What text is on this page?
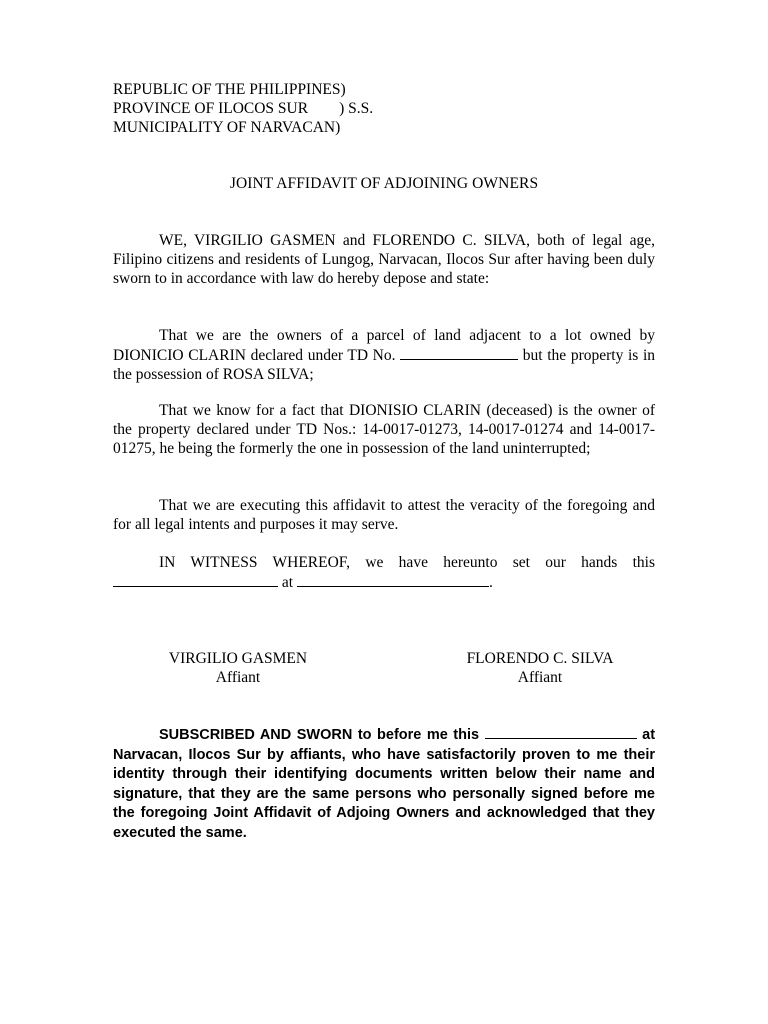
REPUBLIC OF THE PHILIPPINES)
PROVINCE OF ILOCOS SUR        ) S.S.
MUNICIPALITY OF NARVACAN)
JOINT AFFIDAVIT OF ADJOINING OWNERS
WE, VIRGILIO GASMEN and FLORENDO C. SILVA, both of legal age, Filipino citizens and residents of Lungog, Narvacan, Ilocos Sur after having been duly sworn to in accordance with law do hereby depose and state:
That we are the owners of a parcel of land adjacent to a lot owned by DIONICIO CLARIN declared under TD No.	but the property is in the possession of ROSA SILVA;
That we know for a fact that DIONISIO CLARIN (deceased) is the owner of the property declared under TD Nos.: 14-0017-01273, 14-0017-01274 and 14-0017-01275, he being the formerly the one in possession of the land uninterrupted;
That we are executing this affidavit to attest the veracity of the foregoing and for all legal intents and purposes it may serve.
IN WITNESS WHEREOF, we have hereunto set our hands this  at	.
VIRGILIO GASMEN
Affiant
FLORENDO C. SILVA
Affiant
SUBSCRIBED AND SWORN to before me this	at Narvacan, Ilocos Sur by affiants, who have satisfactorily proven to me their identity through their identifying documents written below their name and signature, that they are the same persons who personally signed before me the foregoing Joint Affidavit of Adjoing Owners and acknowledged that they executed the same.
